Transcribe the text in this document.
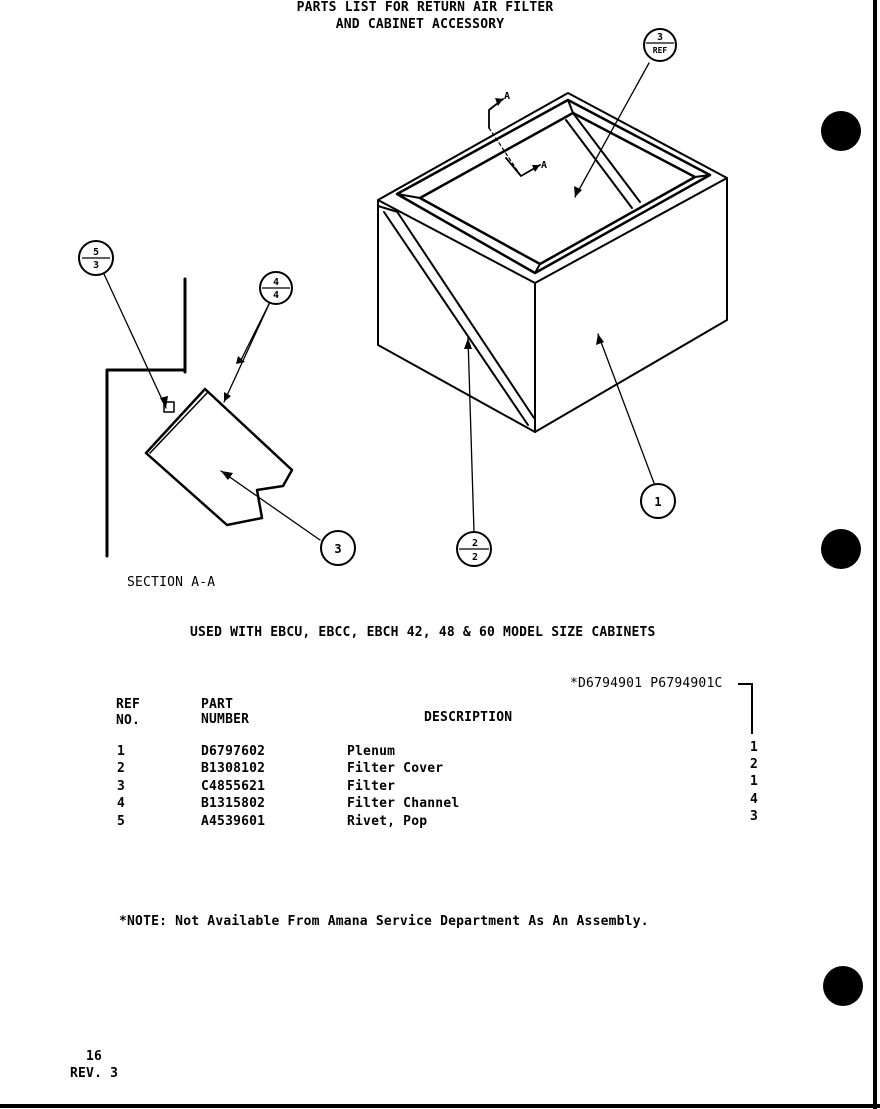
PARTS LIST FOR RETURN AIR FILTER
AND CABINET ACCESSORY
A
A
3
REF
1
2
2
3
4
4
5
3
SECTION A-A
USED WITH EBCU, EBCC, EBCH 42, 48 & 60 MODEL SIZE CABINETS
*D6794901 P6794901C
REF
NO.
PART
NUMBER	DESCRIPTION
1	D6797602	Plenum	1
2	B1308102	Filter Cover	2
3	C4855621	Filter	1
4	B1315802	Filter Channel	4
5	A4539601	Rivet, Pop	3
*NOTE: Not Available From Amana Service Department As An Assembly.
16
REV. 3
